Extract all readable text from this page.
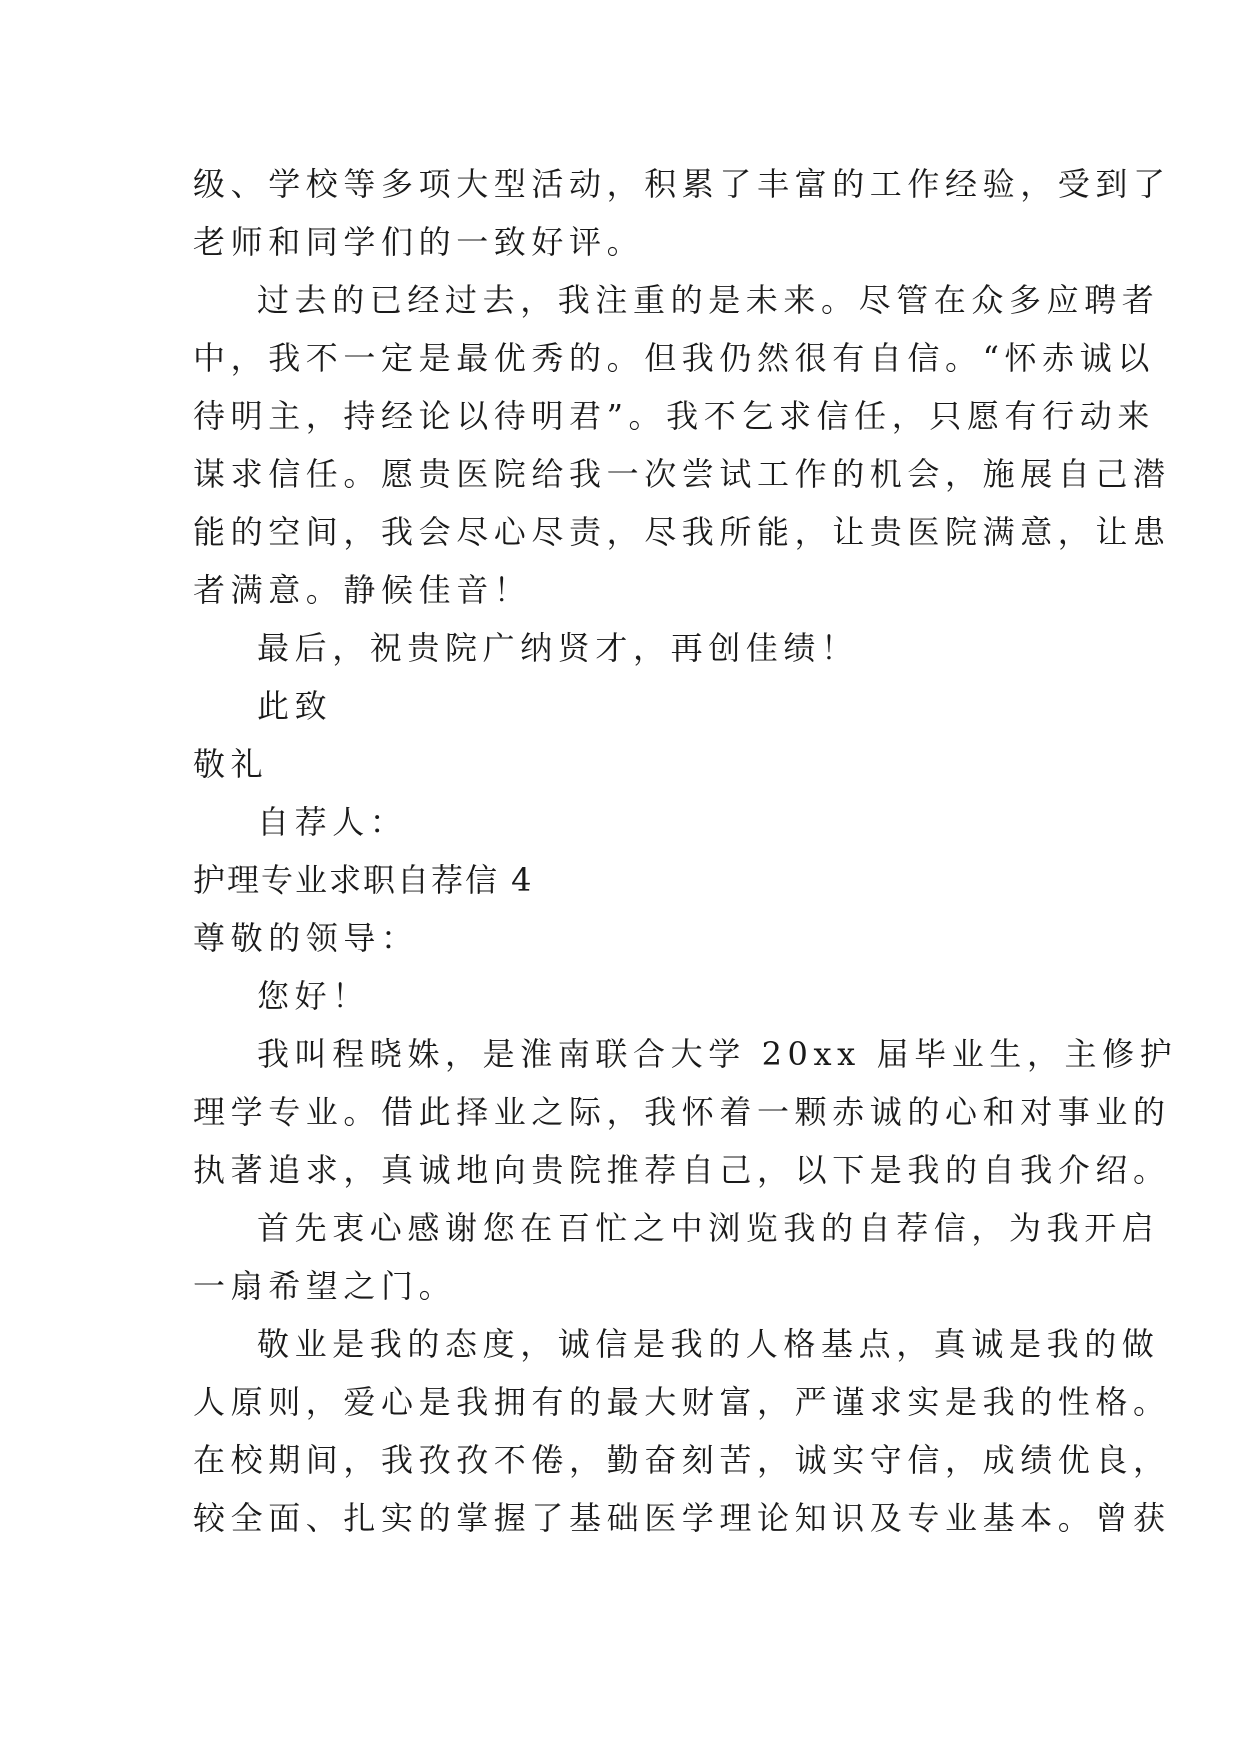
级、学校等多项大型活动，积累了丰富的工作经验，受到了
老师和同学们的一致好评。
过去的已经过去，我注重的是未来。尽管在众多应聘者
中，我不一定是最优秀的。但我仍然很有自信。“怀赤诚以
待明主，持经论以待明君”。我不乞求信任，只愿有行动来
谋求信任。愿贵医院给我一次尝试工作的机会，施展自己潜
能的空间，我会尽心尽责，尽我所能，让贵医院满意，让患
者满意。静候佳音！
最后，祝贵院广纳贤才，再创佳绩！
此致
敬礼
自荐人：
护理专业求职自荐信 4
尊敬的领导：
您好！
我叫程晓姝，是淮南联合大学 20xx 届毕业生，主修护
理学专业。借此择业之际，我怀着一颗赤诚的心和对事业的
执著追求，真诚地向贵院推荐自己，以下是我的自我介绍。
首先衷心感谢您在百忙之中浏览我的自荐信，为我开启
一扇希望之门。
敬业是我的态度，诚信是我的人格基点，真诚是我的做
人原则，爱心是我拥有的最大财富，严谨求实是我的性格。
在校期间，我孜孜不倦，勤奋刻苦，诚实守信，成绩优良，
较全面、扎实的掌握了基础医学理论知识及专业基本。曾获
